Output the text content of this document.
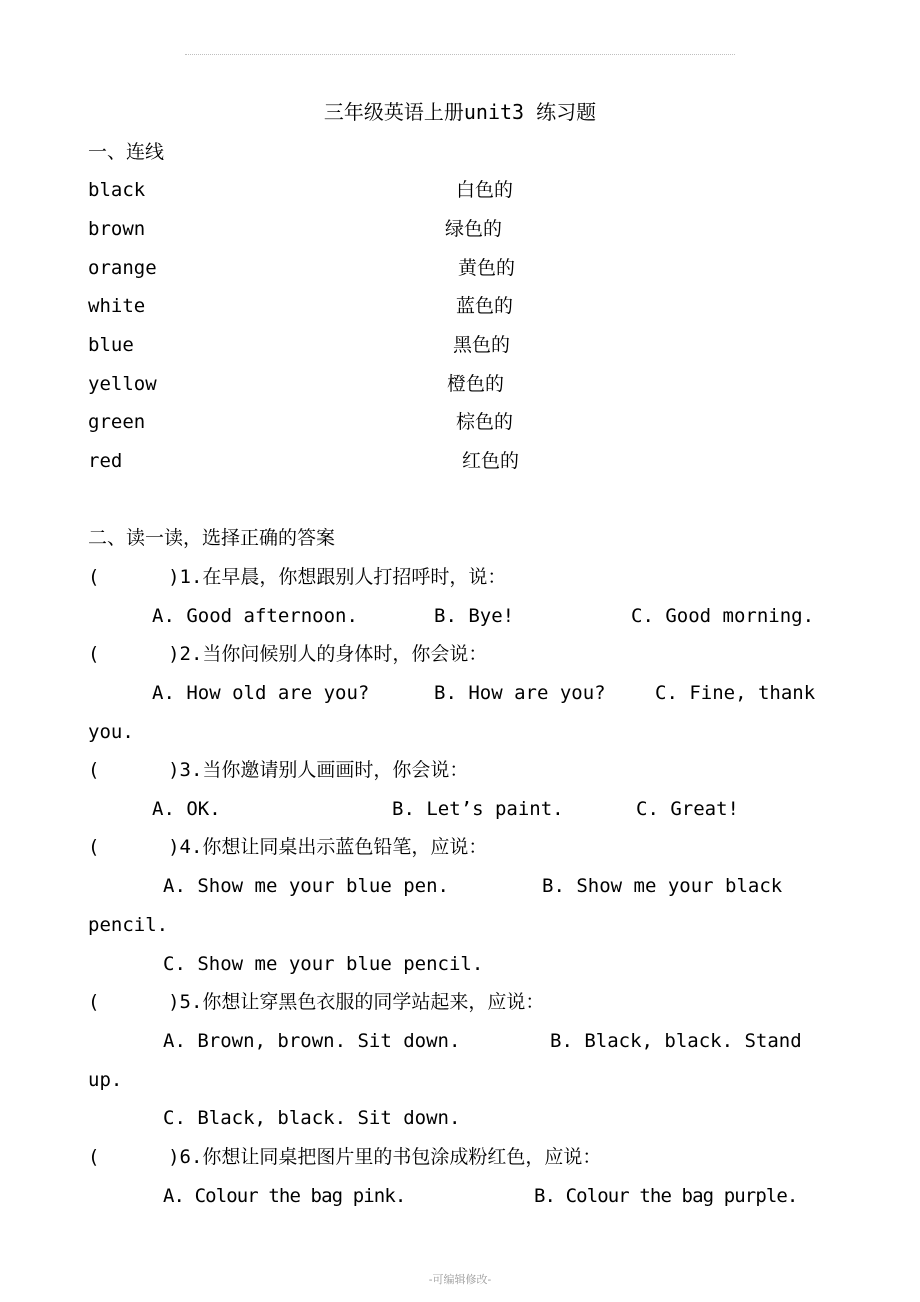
三年级英语上册unit3 练习题
一、连线
black	白色的
brown	绿色的
orange	黄色的
white	蓝色的
blue	黑色的
yellow	橙色的
green	棕色的
red	红色的
二、读一读，选择正确的答案
(      )1.在早晨，你想跟别人打招呼时，说：
A. Good afternoon.	B. Bye!	C. Good morning.
(      )2.当你问候别人的身体时，你会说：
A. How old are you?	B. How are you?	C. Fine, thank
you.
(      )3.当你邀请别人画画时，你会说：
A. OK.	B. Let’s paint.	C. Great!
(      )4.你想让同桌出示蓝色铅笔，应说：
A. Show me your blue pen.	B. Show me your black
pencil.
C. Show me your blue pencil.
(      )5.你想让穿黑色衣服的同学站起来，应说：
A. Brown, brown. Sit down.	B. Black, black. Stand
up.
C. Black, black. Sit down.
(      )6.你想让同桌把图片里的书包涂成粉红色，应说：
A. Colour the bag pink.	B. Colour the bag purple.
-可编辑修改-
